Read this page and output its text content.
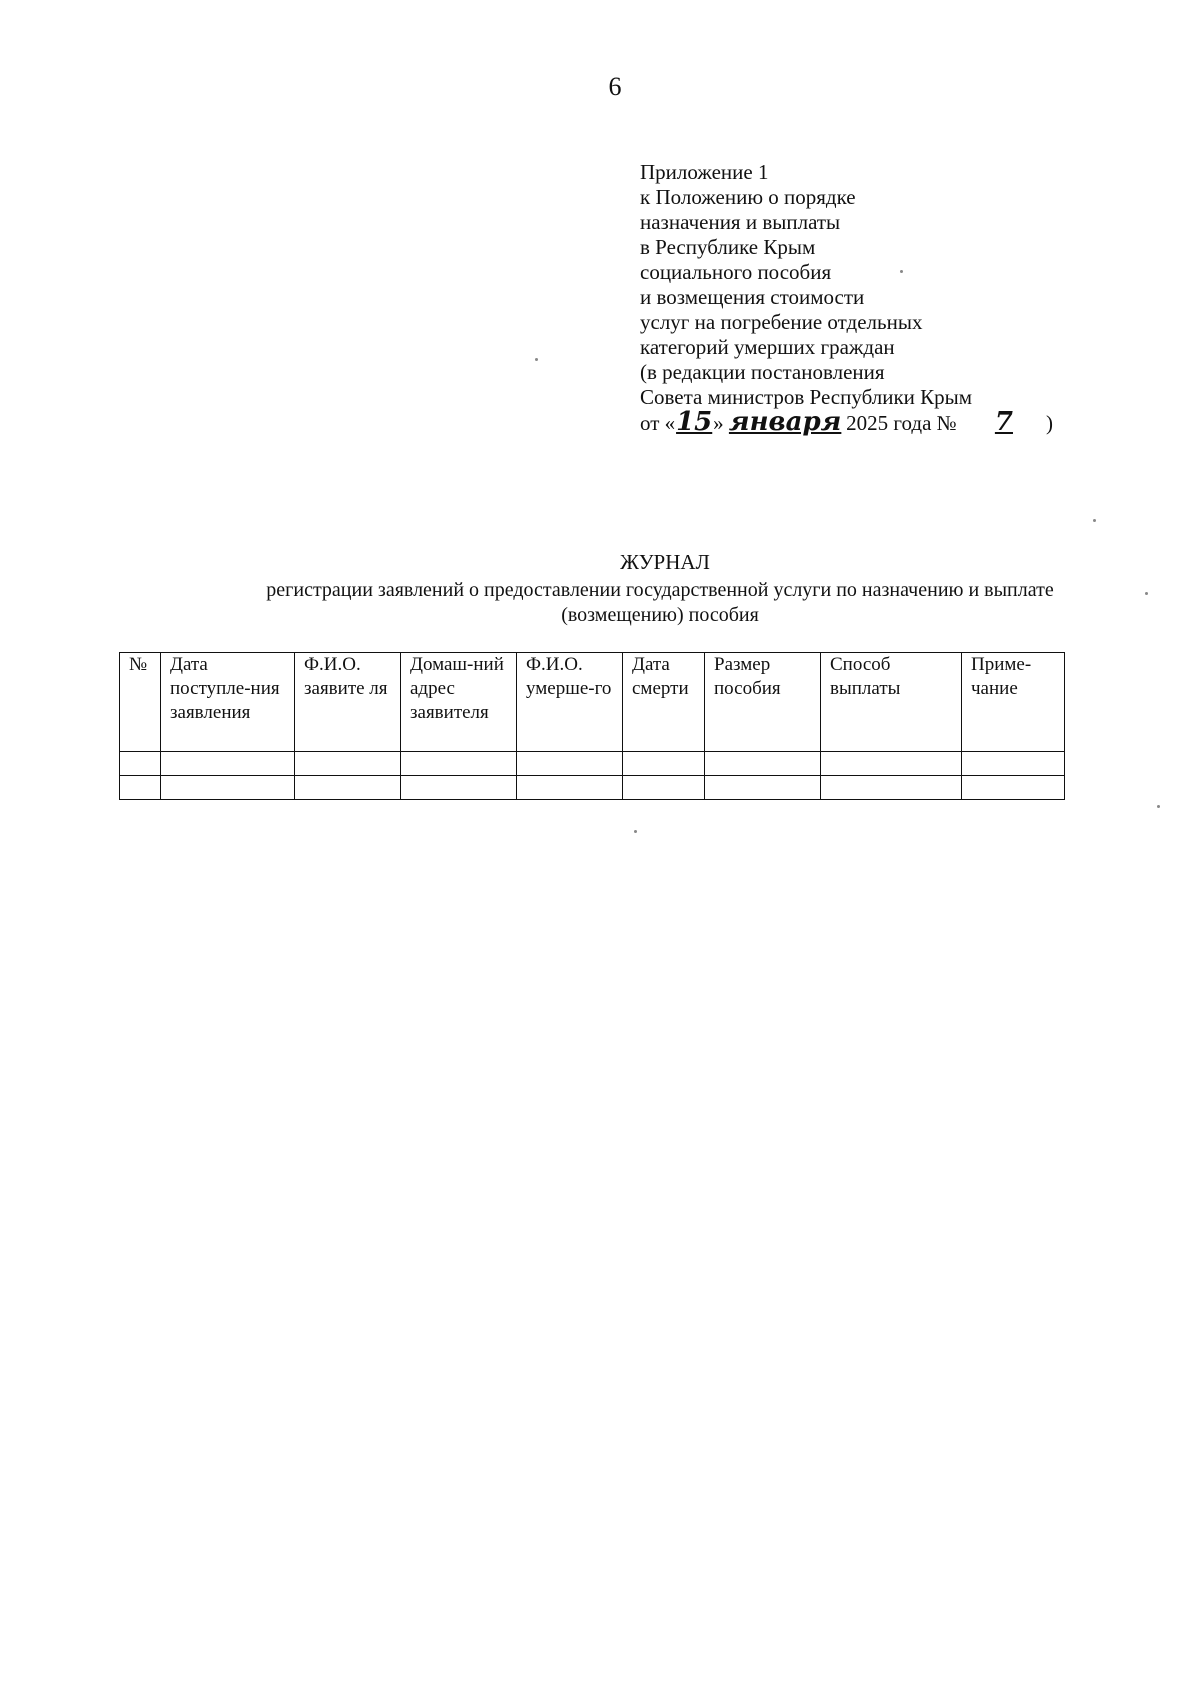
6
Приложение 1
к Положению о порядке
назначения и выплаты
в Республике Крым
социального пособия
и возмещения стоимости
услуг на погребение отдельных
категорий умерших граждан
(в редакции постановления
Совета министров Республики Крым
от «15» января 2025 года № 7 )
ЖУРНАЛ
регистрации заявлений о предоставлении государственной услуги по назначению и выплате (возмещению) пособия
№	Дата поступле-ния заявления	Ф.И.О. заявите ля	Домаш-ний адрес заявителя	Ф.И.О. умерше-го	Дата смерти	Размер пособия	Способ выплаты	Приме-чание
